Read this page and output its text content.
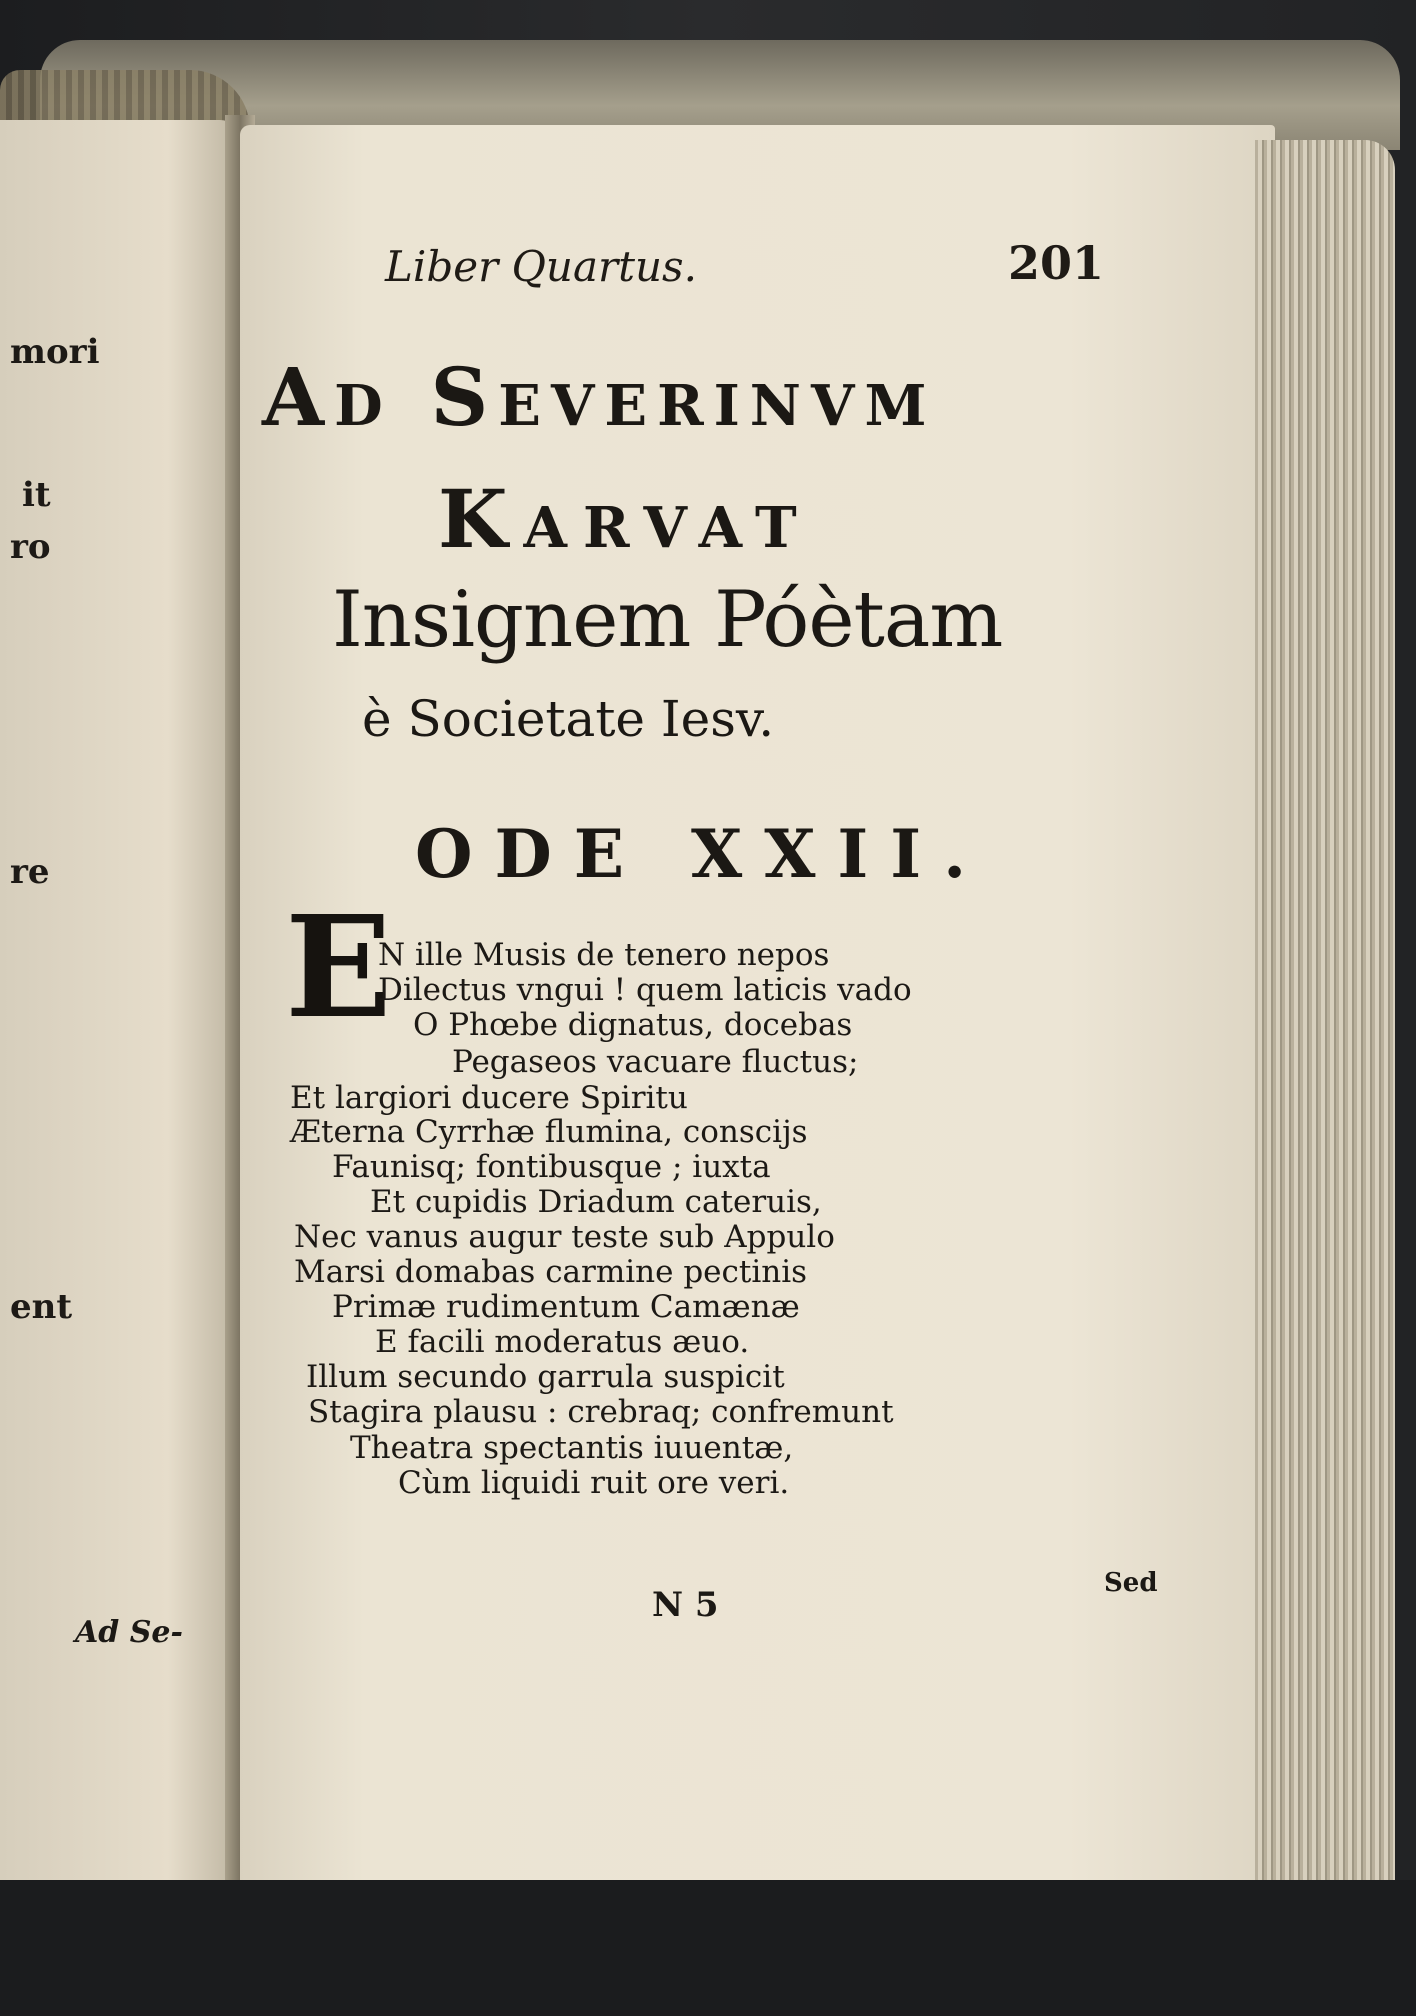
mori
it
ro
re
ent
Ad Se-
Liber Quartus.	201
Ad Severinvm
Karvat
Insignem Póètam
è Societate Iesv.
ODE XXII.
E
N ille Musis de tenero nepos
Dilectus vngui ! quem laticis vado
O Phœbe dignatus, docebas
Pegaseos vacuare fluctus;
Et largiori ducere Spiritu
Æterna Cyrrhæ flumina, conscijs
Faunisq; fontibusque ; iuxta
Et cupidis Driadum cateruis,
Nec vanus augur teste sub Appulo
Marsi domabas carmine pectinis
Primæ rudimentum Camænæ
E facili moderatus æuo.
Illum secundo garrula suspicit
Stagira plausu : crebraq; confremunt
Theatra spectantis iuuentæ,
Cùm liquidi ruit ore veri.
N 5
Sed
